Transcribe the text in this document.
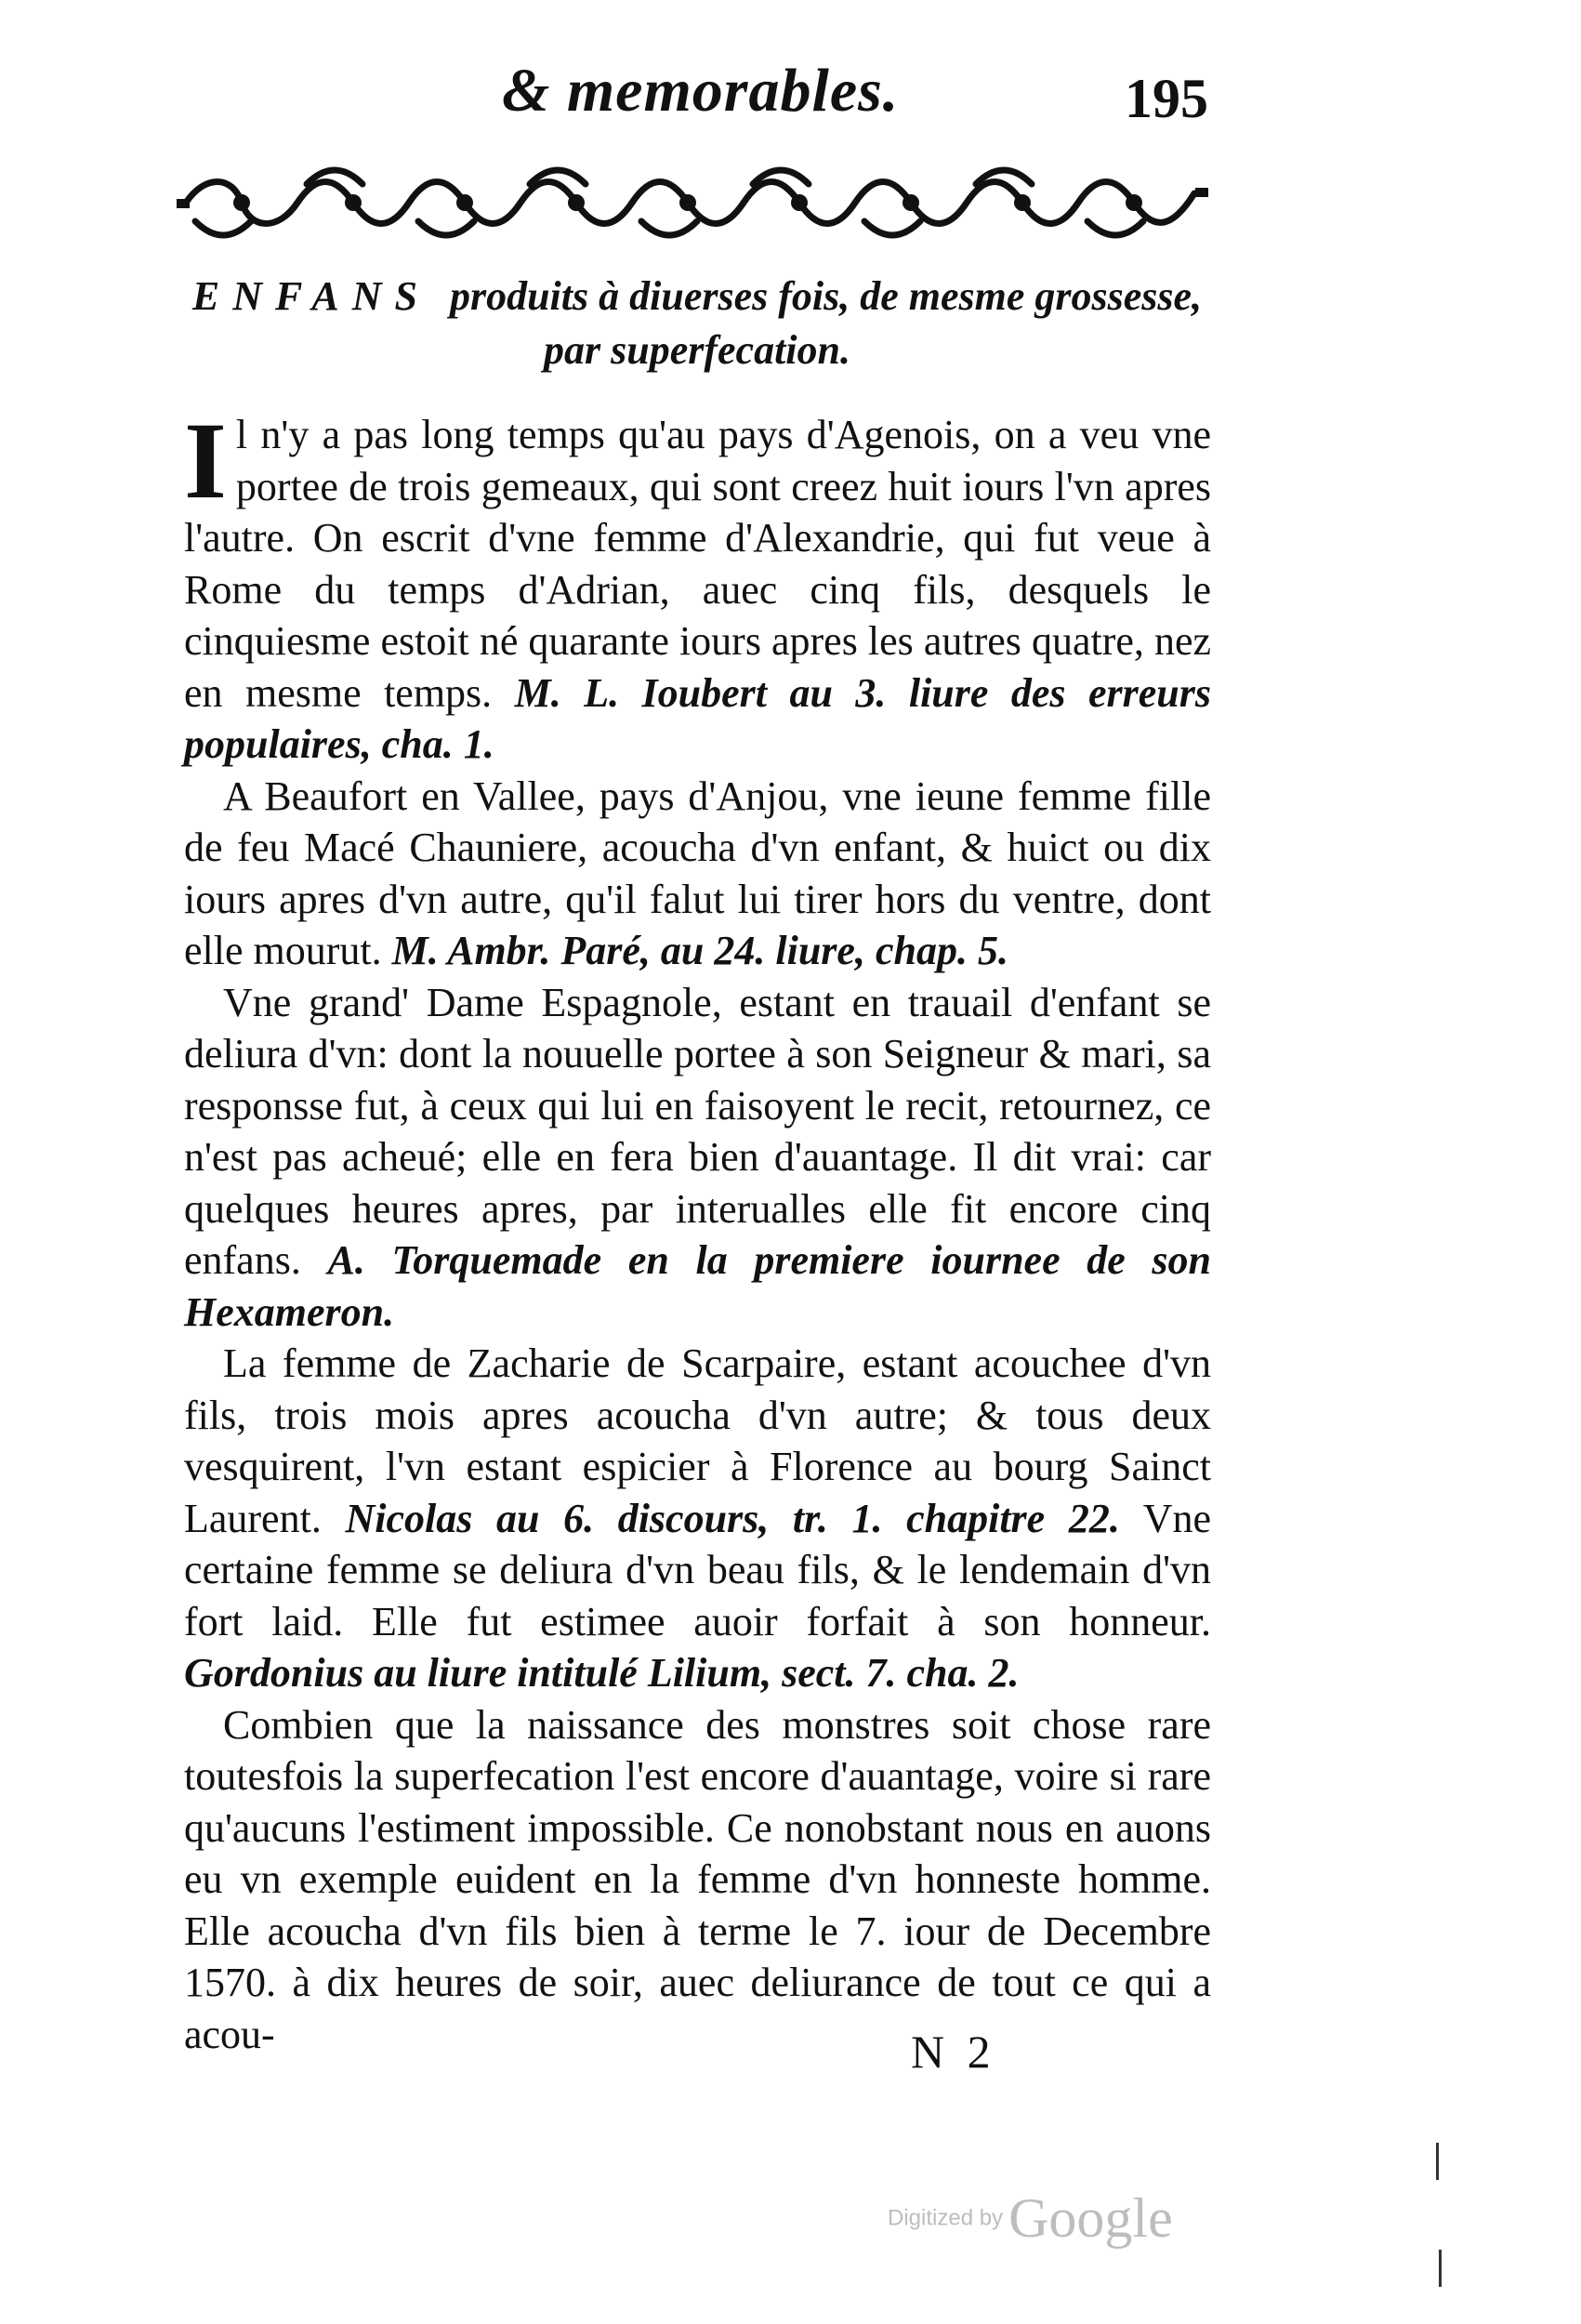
& memorables.	195
ENFANS produits à diuerses fois, de mesme grossesse, par superfecation.

Il n'y a pas long temps qu'au pays d'Agenois, on a veu vne portee de trois gemeaux, qui sont creez huit iours l'vn apres l'autre. On escrit d'vne femme d'Alexandrie, qui fut veue à Rome du temps d'Adrian, auec cinq fils, desquels le cinquiesme estoit né quarante iours apres les autres quatre, nez en mesme temps. M. L. Ioubert au 3. liure des erreurs populaires, cha. 1.

A Beaufort en Vallee, pays d'Anjou, vne ieune femme fille de feu Macé Chauniere, acoucha d'vn enfant, & huict ou dix iours apres d'vn autre, qu'il falut lui tirer hors du ventre, dont elle mourut. M. Ambr. Paré, au 24. liure, chap. 5.

Vne grand' Dame Espagnole, estant en trauail d'enfant se deliura d'vn: dont la nouuelle portee à son Seigneur & mari, sa responsse fut, à ceux qui lui en faisoyent le recit, retournez, ce n'est pas acheué; elle en fera bien d'auantage. Il dit vrai: car quelques heures apres, par interualles elle fit encore cinq enfans. A. Torquemade en la premiere iournee de son Hexameron.

La femme de Zacharie de Scarpaire, estant acouchee d'vn fils, trois mois apres acoucha d'vn autre; & tous deux vesquirent, l'vn estant espicier à Florence au bourg Sainct Laurent. Nicolas au 6. discours, tr. 1. chapitre 22. Vne certaine femme se deliura d'vn beau fils, & le lendemain d'vn fort laid. Elle fut estimee auoir forfait à son honneur. Gordonius au liure intitulé Lilium, sect. 7. cha. 2.

Combien que la naissance des monstres soit chose rare toutesfois la superfecation l'est encore d'auantage, voire si rare qu'aucuns l'estiment impossible. Ce nonobstant nous en auons eu vn exemple euident en la femme d'vn honneste homme. Elle acoucha d'vn fils bien à terme le 7. iour de Decembre 1570. à dix heures de soir, auec deliurance de tout ce qui a acou-	N 2
Digitized by Google
